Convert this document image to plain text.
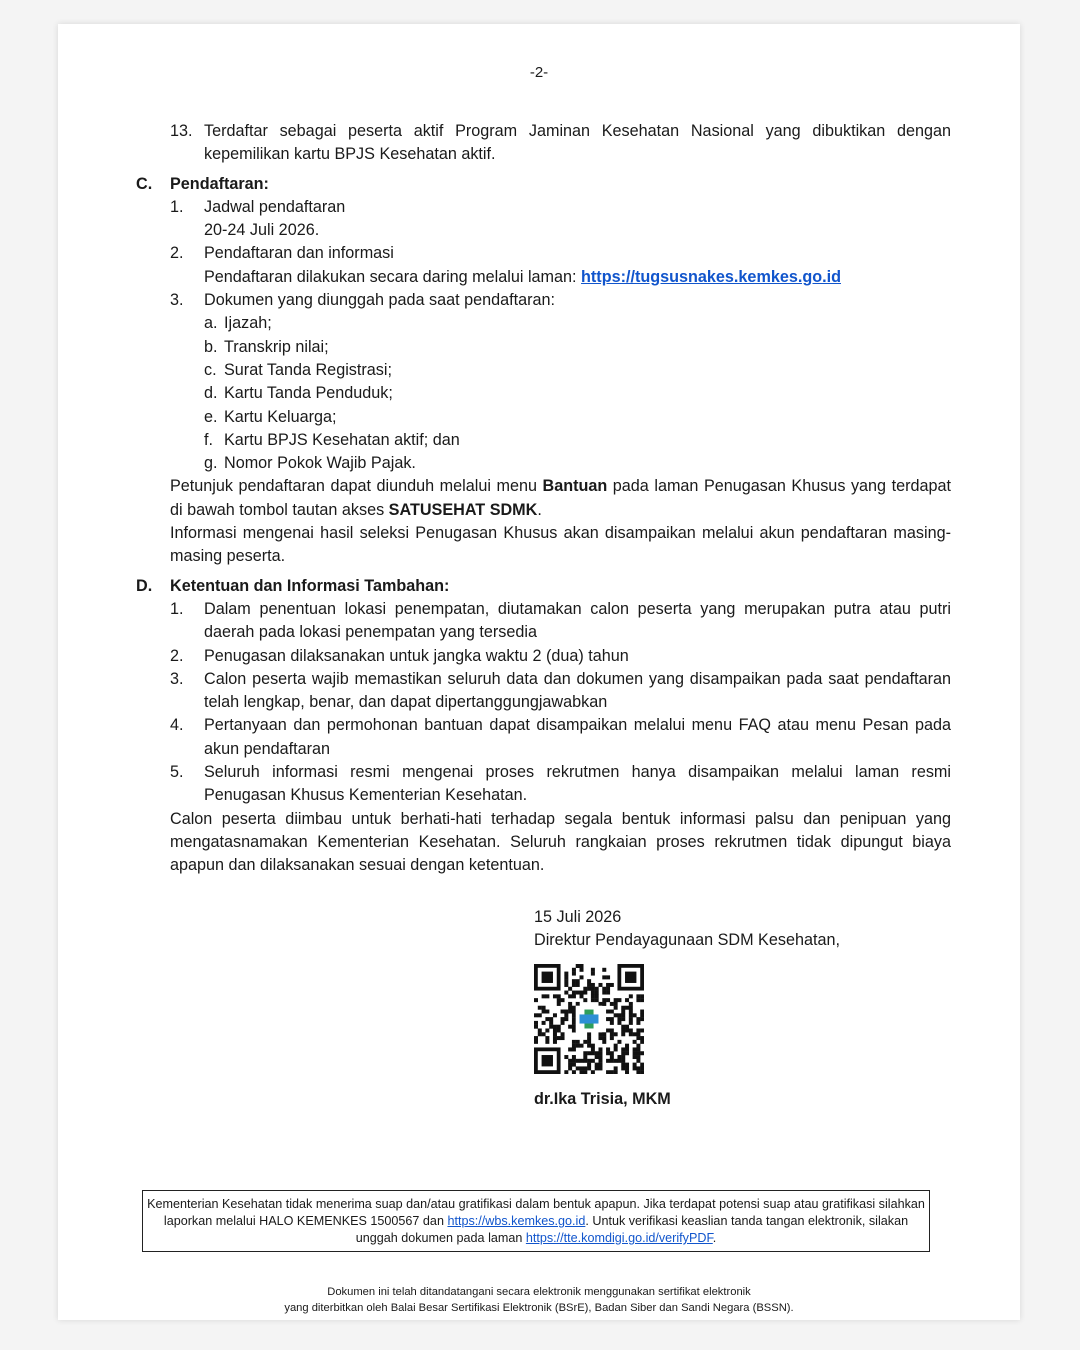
-2-
13. Terdaftar sebagai peserta aktif Program Jaminan Kesehatan Nasional yang dibuktikan dengan kepemilikan kartu BPJS Kesehatan aktif.
C.	Pendaftaran:
1.	Jadwal pendaftaran
20-24 Juli 2026.
2.	Pendaftaran dan informasi
Pendaftaran dilakukan secara daring melalui laman: https://tugsusnakes.kemkes.go.id
3.	Dokumen yang diunggah pada saat pendaftaran:
a. Ijazah;
b. Transkrip nilai;
c. Surat Tanda Registrasi;
d. Kartu Tanda Penduduk;
e. Kartu Keluarga;
f. Kartu BPJS Kesehatan aktif; dan
g. Nomor Pokok Wajib Pajak.
Petunjuk pendaftaran dapat diunduh melalui menu Bantuan pada laman Penugasan Khusus yang terdapat di bawah tombol tautan akses SATUSEHAT SDMK.
Informasi mengenai hasil seleksi Penugasan Khusus akan disampaikan melalui akun pendaftaran masing-masing peserta.
D.	Ketentuan dan Informasi Tambahan:
1.	Dalam penentuan lokasi penempatan, diutamakan calon peserta yang merupakan putra atau putri daerah pada lokasi penempatan yang tersedia
2.	Penugasan dilaksanakan untuk jangka waktu 2 (dua) tahun
3.	Calon peserta wajib memastikan seluruh data dan dokumen yang disampaikan pada saat pendaftaran telah lengkap, benar, dan dapat dipertanggungjawabkan
4.	Pertanyaan dan permohonan bantuan dapat disampaikan melalui menu FAQ atau menu Pesan pada akun pendaftaran
5.	Seluruh informasi resmi mengenai proses rekrutmen hanya disampaikan melalui laman resmi Penugasan Khusus Kementerian Kesehatan.
Calon peserta diimbau untuk berhati-hati terhadap segala bentuk informasi palsu dan penipuan yang mengatasnamakan Kementerian Kesehatan. Seluruh rangkaian proses rekrutmen tidak dipungut biaya apapun dan dilaksanakan sesuai dengan ketentuan.
15 Juli 2026
Direktur Pendayagunaan SDM Kesehatan,
dr.Ika Trisia, MKM
Kementerian Kesehatan tidak menerima suap dan/atau gratifikasi dalam bentuk apapun. Jika terdapat potensi suap atau gratifikasi silahkan laporkan melalui HALO KEMENKES 1500567 dan https://wbs.kemkes.go.id. Untuk verifikasi keaslian tanda tangan elektronik, silakan unggah dokumen pada laman https://tte.komdigi.go.id/verifyPDF.
Dokumen ini telah ditandatangani secara elektronik menggunakan sertifikat elektronik
yang diterbitkan oleh Balai Besar Sertifikasi Elektronik (BSrE), Badan Siber dan Sandi Negara (BSSN).
